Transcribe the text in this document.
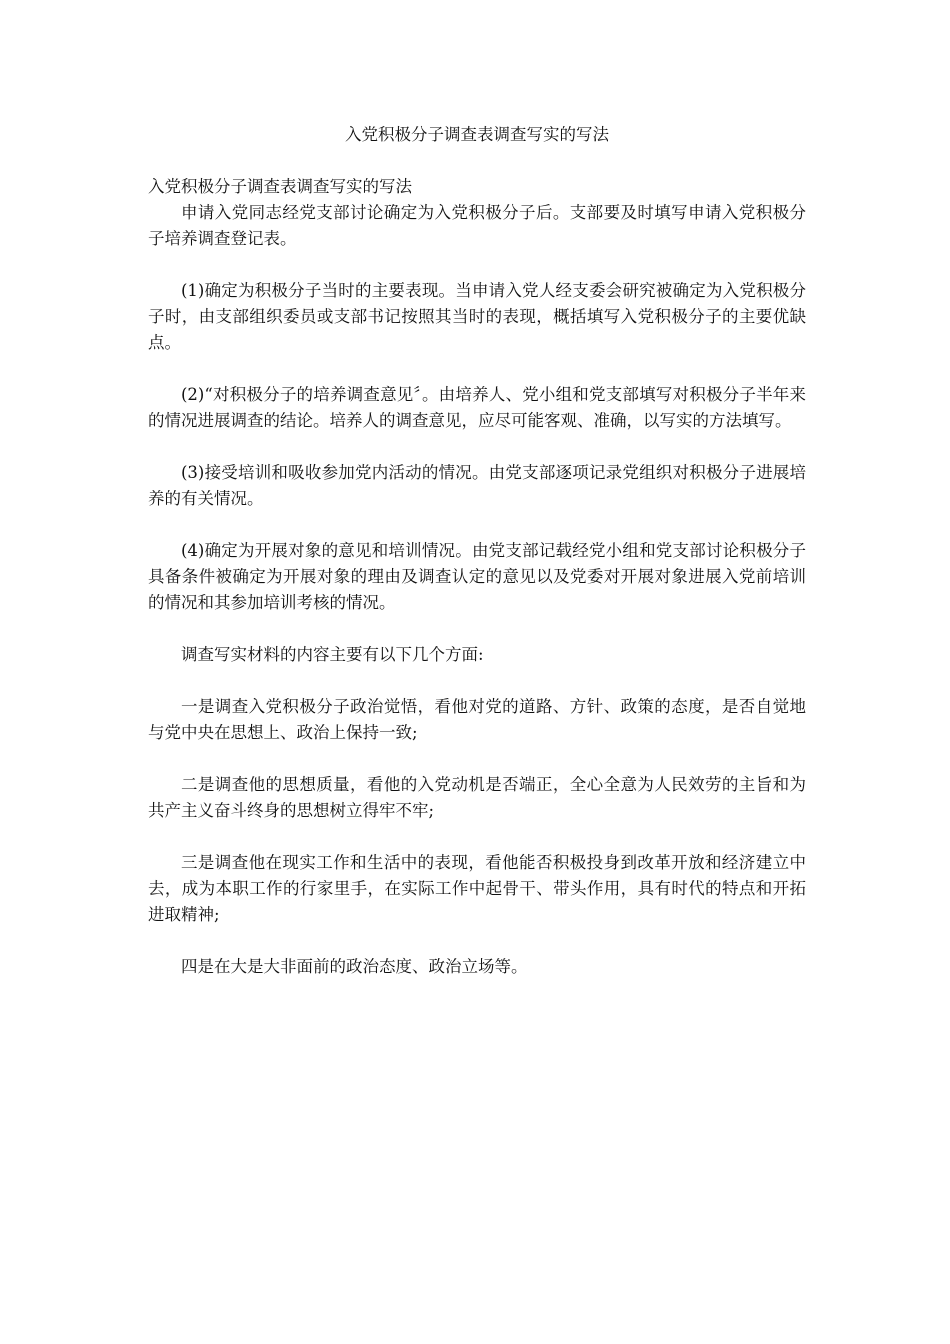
入党积极分子调查表调查写实的写法

入党积极分子调查表调查写实的写法

申请入党同志经党支部讨论确定为入党积极分子后。支部要及时填写申请入党积极分子培养调查登记表。

(1)确定为积极分子当时的主要表现。当申请入党人经支委会研究被确定为入党积极分子时，由支部组织委员或支部书记按照其当时的表现，概括填写入党积极分子的主要优缺点。

(2)“对积极分子的培养调查意见〞。由培养人、党小组和党支部填写对积极分子半年来的情况进展调查的结论。培养人的调查意见，应尽可能客观、准确，以写实的方法填写。

(3)接受培训和吸收参加党内活动的情况。由党支部逐项记录党组织对积极分子进展培养的有关情况。

(4)确定为开展对象的意见和培训情况。由党支部记载经党小组和党支部讨论积极分子具备条件被确定为开展对象的理由及调查认定的意见以及党委对开展对象进展入党前培训的情况和其参加培训考核的情况。

调查写实材料的内容主要有以下几个方面:

一是调查入党积极分子政治觉悟，看他对党的道路、方针、政策的态度，是否自觉地与党中央在思想上、政治上保持一致;

二是调查他的思想质量，看他的入党动机是否端正，全心全意为人民效劳的主旨和为共产主义奋斗终身的思想树立得牢不牢;

三是调查他在现实工作和生活中的表现，看他能否积极投身到改革开放和经济建立中去，成为本职工作的行家里手，在实际工作中起骨干、带头作用，具有时代的特点和开拓进取精神;

四是在大是大非面前的政治态度、政治立场等。
